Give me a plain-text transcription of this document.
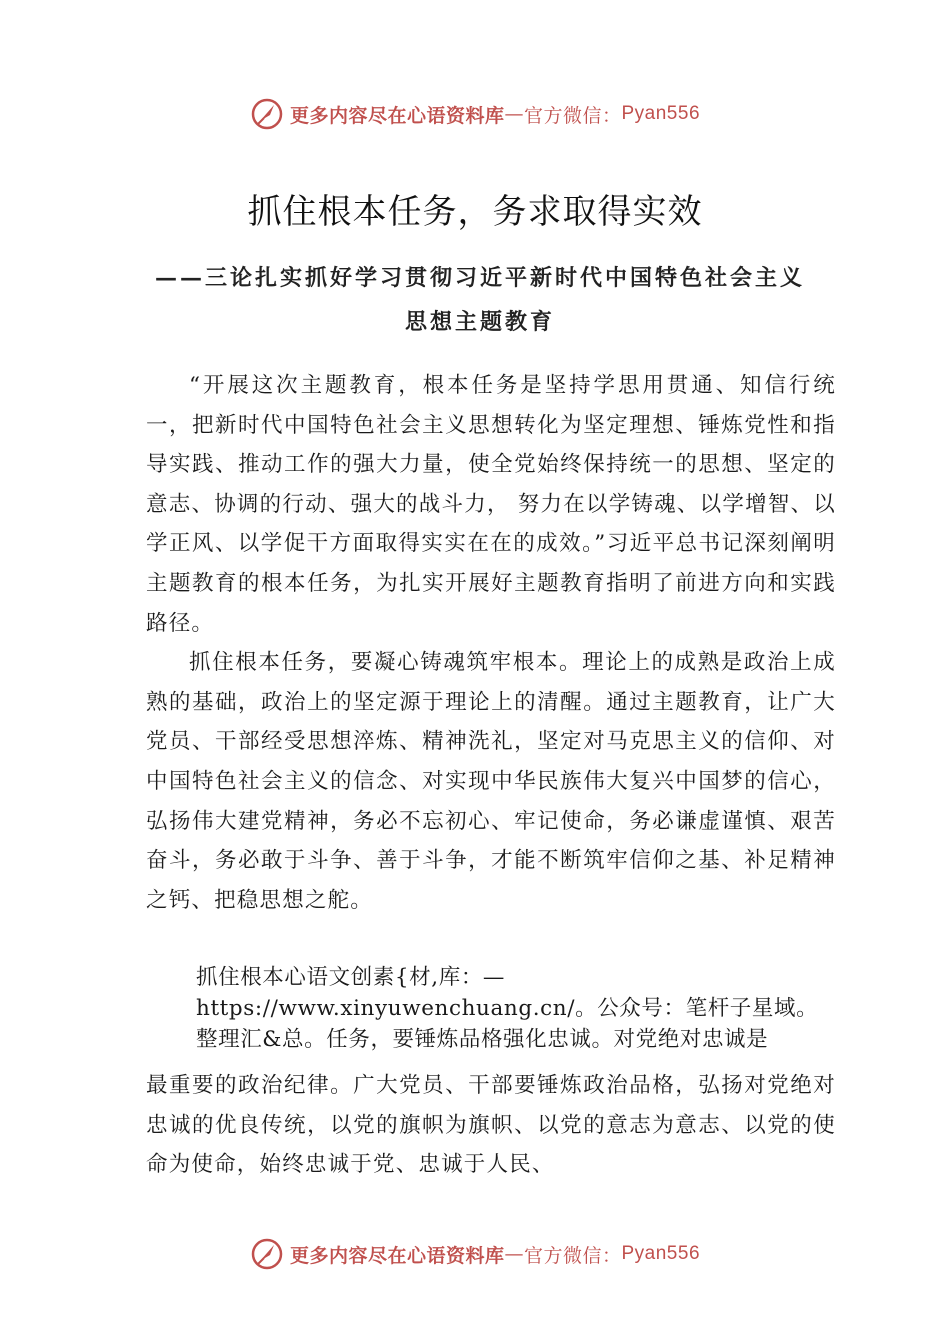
更多内容尽在心语资料库 — 官方微信： Pyan556
抓住根本任务，务求取得实效
——三论扎实抓好学习贯彻习近平新时代中国特色社会主义思想主题教育

“开展这次主题教育，根本任务是坚持学思用贯通、知信行统一，把新时代中国特色社会主义思想转化为坚定理想、锤炼党性和指导实践、推动工作的强大力量，使全党始终保持统一的思想、坚定的意志、协调的行动、强大的战斗力， 努力在以学铸魂、以学增智、以学正风、以学促干方面取得实实在在的成效。”习近平总书记深刻阐明主题教育的根本任务，为扎实开展好主题教育指明了前进方向和实践路径。

抓住根本任务，要凝心铸魂筑牢根本。理论上的成熟是政治上成熟的基础，政治上的坚定源于理论上的清醒。通过主题教育，让广大党员、干部经受思想淬炼、精神洗礼，坚定对马克思主义的信仰、对中国特色社会主义的信念、对实现中华民族伟大复兴中国梦的信心，弘扬伟大建党精神，务必不忘初心、牢记使命，务必谦虚谨慎、艰苦奋斗，务必敢于斗争、善于斗争，才能不断筑牢信仰之基、补足精神之钙、把稳思想之舵。

抓住根本心语文创素{材,库：—https://www.xinyuwenchuang.cn/。公众号：笔杆子星域。整理汇&总。任务，要锤炼品格强化忠诚。对党绝对忠诚是

最重要的政治纪律。广大党员、干部要锤炼政治品格，弘扬对党绝对忠诚的优良传统，以党的旗帜为旗帜、以党的意志为意志、以党的使命为使命，始终忠诚于党、忠诚于人民、

更多内容尽在心语资料库 — 官方微信： Pyan556
